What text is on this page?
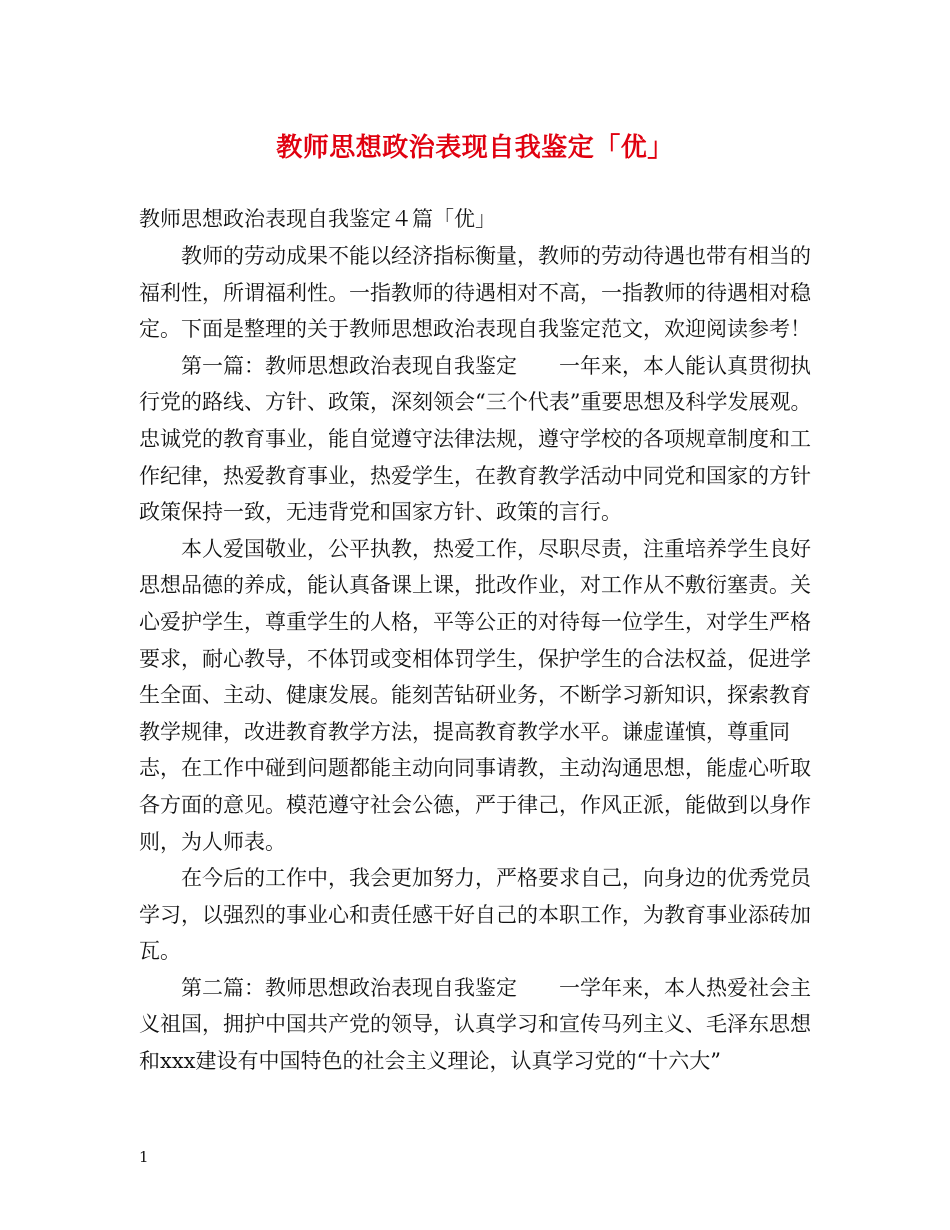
教师思想政治表现自我鉴定「优」
教师思想政治表现自我鉴定４篇「优」

教师的劳动成果不能以经济指标衡量，教师的劳动待遇也带有相当的福利性，所谓福利性。一指教师的待遇相对不高，一指教师的待遇相对稳定。下面是整理的关于教师思想政治表现自我鉴定范文，欢迎阅读参考！

第一篇：教师思想政治表现自我鉴定　　一年来，本人能认真贯彻执行党的路线、方针、政策，深刻领会“三个代表”重要思想及科学发展观。忠诚党的教育事业，能自觉遵守法律法规，遵守学校的各项规章制度和工作纪律，热爱教育事业，热爱学生，在教育教学活动中同党和国家的方针政策保持一致，无违背党和国家方针、政策的言行。

本人爱国敬业，公平执教，热爱工作，尽职尽责，注重培养学生良好思想品德的养成，能认真备课上课，批改作业，对工作从不敷衍塞责。关心爱护学生，尊重学生的人格，平等公正的对待每一位学生，对学生严格要求，耐心教导，不体罚或变相体罚学生，保护学生的合法权益，促进学生全面、主动、健康发展。能刻苦钻研业务，不断学习新知识，探索教育教学规律，改进教育教学方法，提高教育教学水平。谦虚谨慎，尊重同志，在工作中碰到问题都能主动向同事请教，主动沟通思想，能虚心听取各方面的意见。模范遵守社会公德，严于律己，作风正派，能做到以身作则，为人师表。

在今后的工作中，我会更加努力，严格要求自己，向身边的优秀党员学习，以强烈的事业心和责任感干好自己的本职工作，为教育事业添砖加瓦。

第二篇：教师思想政治表现自我鉴定　　一学年来，本人热爱社会主义祖国，拥护中国共产党的领导，认真学习和宣传马列主义、毛泽东思想和xxx建设有中国特色的社会主义理论，认真学习党的“十六大”

1
